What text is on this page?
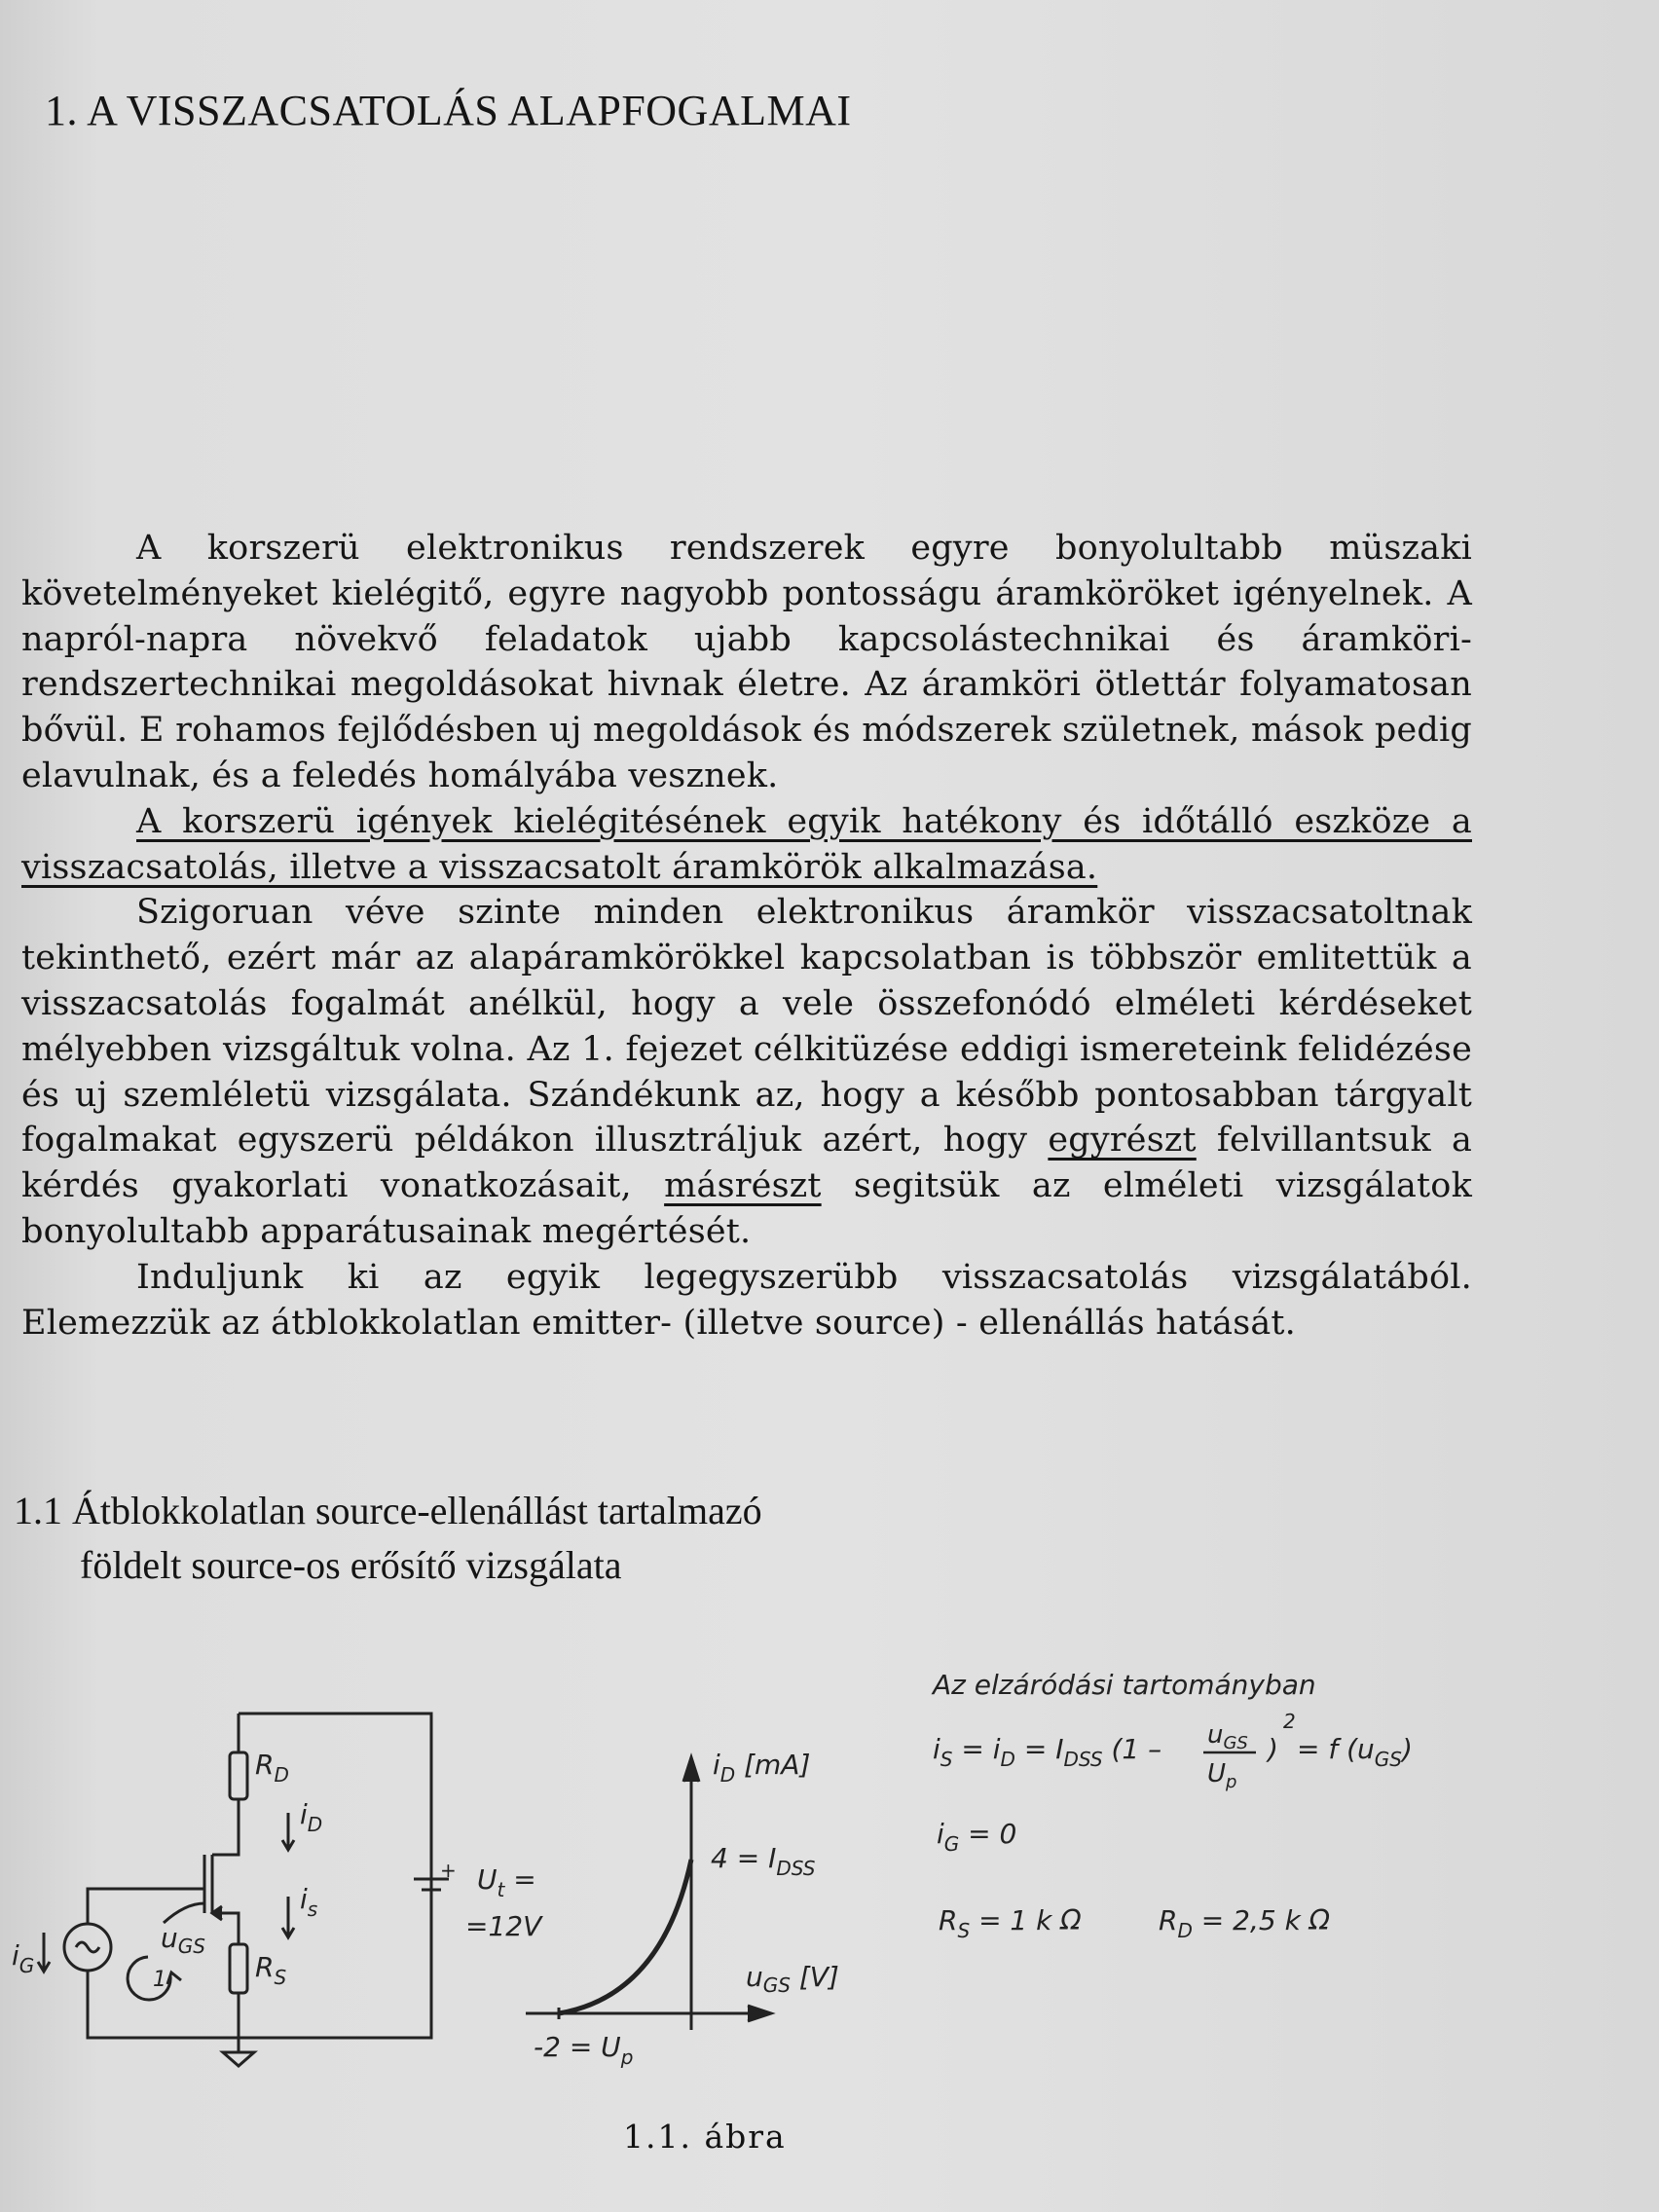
1. A VISSZACSATOLÁS ALAPFOGALMAI

A korszerü elektronikus rendszerek egyre bonyolultabb müszaki követelményeket kielégitő, egyre nagyobb pontosságu áramköröket igényelnek. A napról-napra növekvő feladatok ujabb kapcsolástechnikai és áramköri- rendszertechnikai megoldásokat hivnak életre. Az áramköri ötlettár folyamatosan bővül. E rohamos fejlődésben uj megoldások és módszerek születnek, mások pedig elavulnak, és a feledés homályába vesznek.

A korszerü igények kielégitésének egyik hatékony és időtálló eszköze a visszacsatolás, illetve a visszacsatolt áramkörök alkalmazása.

Szigoruan véve szinte minden elektronikus áramkör visszacsatoltnak tekinthető, ezért már az alapáramkörökkel kapcsolatban is többször emlitettük a visszacsatolás fogalmát anélkül, hogy a vele összefonódó elméleti kérdéseket mélyebben vizsgáltuk volna. Az 1. fejezet célkitüzése eddigi ismereteink felidézése és uj szemléletü vizsgálata. Szándékunk az, hogy a később pontosabban tárgyalt fogalmakat egyszerü példákon illusztráljuk azért, hogy egyrészt felvillantsuk a kérdés gyakorlati vonatkozásait, másrészt segitsük az elméleti vizsgálatok bonyolultabb apparátusainak megértését.

Induljunk ki az egyik legegyszerübb visszacsatolás vizsgálatából. Elemezzük az átblokkolatlan emitter- (illetve source) - ellenállás hatását.

1.1 Átblokkolatlan source-ellenállást tartalmazó
földelt source-os erősítő vizsgálata
$R_D$
$R_S$
$i_D$
$i_s$
$u_{GS}$
$i_G$
1
+ $U_t$ =
=12V
$i_D$ [mA]
$4 = I_{DSS}$
$u_{GS}$ [V]
$-2 = U_p$
Az elzáródási tartományban
$i_S = i_D = I_{DSS}$ ($1 - u_{GS}$
$U_p$
)
2
= f $(u_{GS})$
$i_G = 0$
$R_S = 1$ k Ω	$R_D = 2,5$ k Ω
1.1. ábra
